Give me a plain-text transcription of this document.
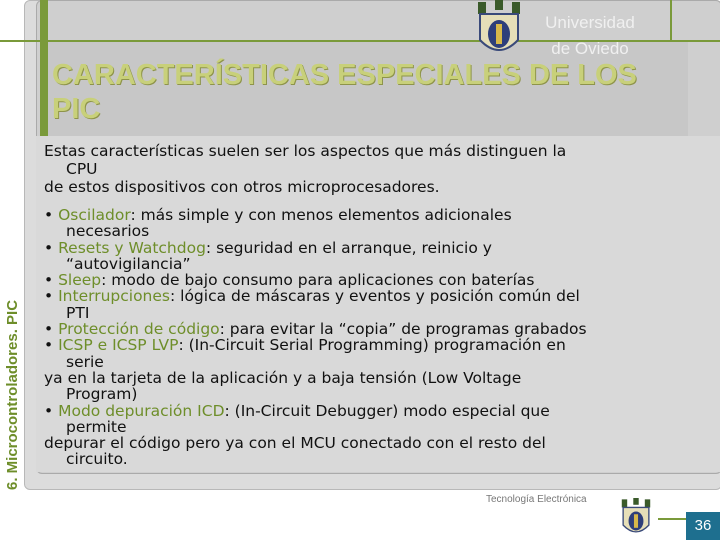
Universidad
de Oviedo
CARACTERÍSTICAS ESPECIALES DE LOS PIC

Estas características suelen ser los aspectos que más distinguen la
CPU
de estos dispositivos con otros microprocesadores.

• Oscilador: más simple y con menos elementos adicionales
necesarios
• Resets y Watchdog: seguridad en el arranque, reinicio y
“autovigilancia”
• Sleep: modo de bajo consumo para aplicaciones con baterías
• Interrupciones: lógica de máscaras y eventos y posición común del
PTI
• Protección de código: para evitar la “copia” de programas grabados
• ICSP e ICSP LVP: (In-Circuit Serial Programming) programación en
serie
ya en la tarjeta de la aplicación y a baja tensión (Low Voltage
Program)
• Modo depuración ICD: (In-Circuit Debugger) modo especial que
permite
depurar el código pero ya con el MCU conectado con el resto del
circuito.
6. Microcontroladores. PIC
Tecnología Electrónica
36
